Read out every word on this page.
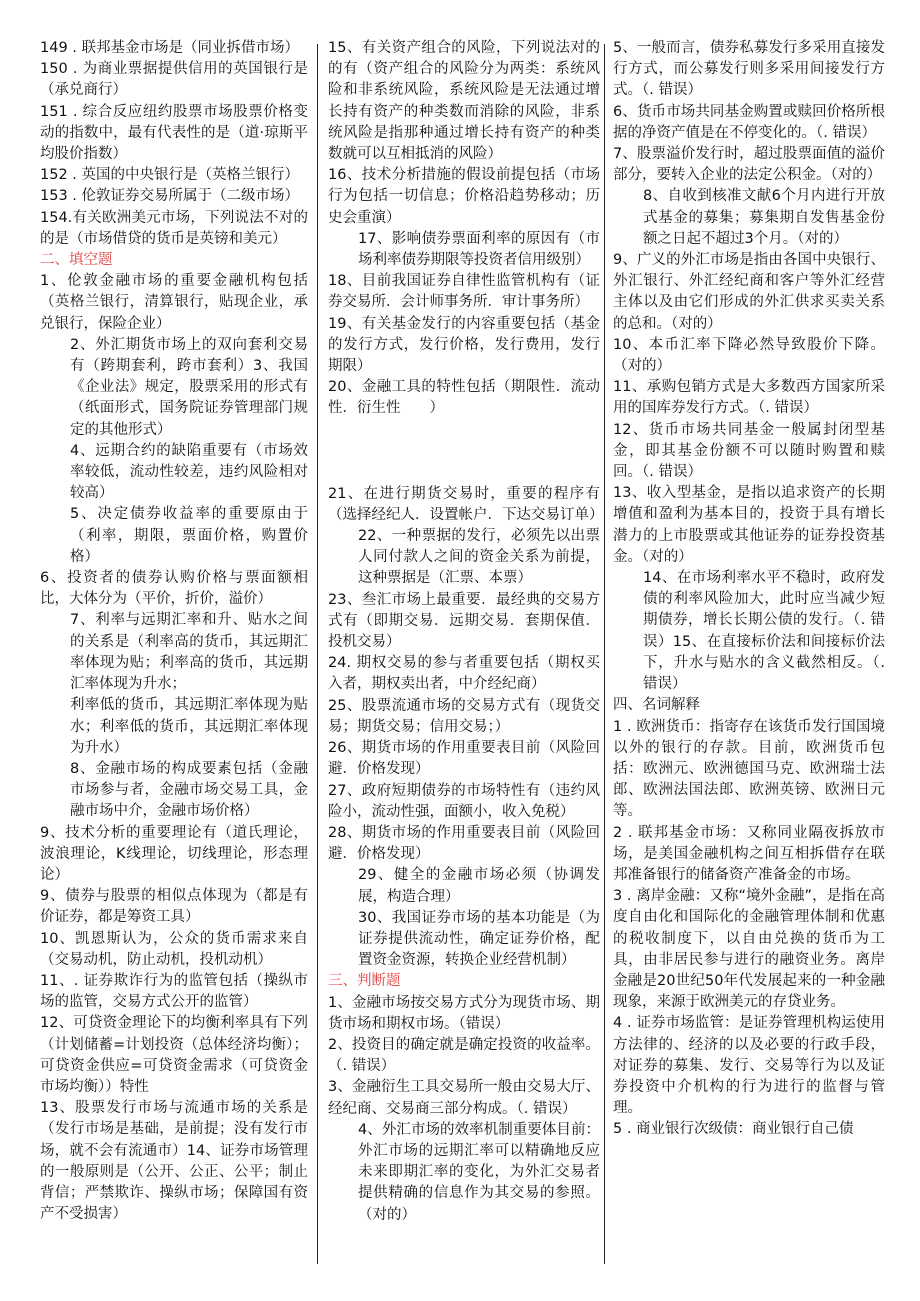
149 . 联邦基金市场是（同业拆借市场）

150 . 为商业票据提供信用的英国银行是（承兑商行）

151 . 综合反应纽约股票市场股票价格变动的指数中，最有代表性的是（道·琼斯平均股价指数）

152 . 英国的中央银行是（英格兰银行）

153 . 伦敦证券交易所属于（二级市场）

154.有关欧洲美元市场，下列说法不对的的是（市场借贷的货币是英镑和美元）

二、填空题

1、伦敦金融市场的重要金融机构包括（英格兰银行，清算银行，贴现企业，承兑银行，保险企业）

2、外汇期货市场上的双向套利交易有（跨期套利，跨市套利）3、我国《企业法》规定，股票采用的形式有（纸面形式，国务院证券管理部门规定的其他形式）

4、远期合约的缺陷重要有（市场效率较低，流动性较差，违约风险相对较高）

5、决定债券收益率的重要原由于（利率，期限，票面价格，购置价格）

6、投资者的债券认购价格与票面额相比，大体分为（平价，折价，溢价）

7、利率与远期汇率和升、贴水之间的关系是（利率高的货币，其远期汇率体现为贴；利率高的货币，其远期汇率体现为升水；

利率低的货币，其远期汇率体现为贴水；利率低的货币，其远期汇率体现为升水）

8、金融市场的构成要素包括（金融市场参与者，金融市场交易工具，金融市场中介，金融市场价格）

9、技术分析的重要理论有（道氏理论，波浪理论，K线理论，切线理论，形态理论）

9、债券与股票的相似点体现为（都是有价证券，都是筹资工具）

10、凯恩斯认为，公众的货币需求来自（交易动机，防止动机，投机动机）

11、. 证券欺诈行为的监管包括（操纵市场的监管，交易方式公开的监管）

12、可贷资金理论下的均衡利率具有下列（计划储蓄=计划投资（总体经济均衡）；可贷资金供应=可贷资金需求（可贷资金市场均衡））特性

13、股票发行市场与流通市场的关系是（发行市场是基础，是前提；没有发行市场，就不会有流通市）14、证券市场管理的一般原则是（公开、公正、公平；制止背信；严禁欺诈、操纵市场；保障国有资产不受损害）

15、有关资产组合的风险，下列说法对的的有（资产组合的风险分为两类：系统风险和非系统风险，系统风险是无法通过增长持有资产的种类数而消除的风险，非系统风险是指那种通过增长持有资产的种类数就可以互相抵消的风险）

16、技术分析措施的假设前提包括（市场行为包括一切信息；价格沿趋势移动；历史会重演）

17、影响债券票面利率的原因有（市场利率债券期限等投资者信用级别）

18、目前我国证券自律性监管机构有（证券交易所．会计师事务所．审计事务所）

19、有关基金发行的内容重要包括（基金的发行方式，发行价格，发行费用，发行期限）

20、金融工具的特性包括（期限性．流动性．衍生性　　）

21、在进行期货交易时，重要的程序有（选择经纪人．设置帐户．下达交易订单）

22、一种票据的发行，必须先以出票人同付款人之间的资金关系为前提，这种票据是（汇票、本票）

23、叁汇市场上最重要．最经典的交易方式有（即期交易．远期交易．套期保值．投机交易）

24. 期权交易的参与者重要包括（期权买入者，期权卖出者，中介经纪商）

25、股票流通市场的交易方式有（现货交易；期货交易；信用交易；）

26、期货市场的作用重要表目前（风险回避．价格发现）

27、政府短期债券的市场特性有（违约风险小，流动性强，面额小，收入免税）

28、期货市场的作用重要表目前（风险回避．价格发现）

29、健全的金融市场必须（协调发展，构造合理）

30、我国证券市场的基本功能是（为证券提供流动性，确定证券价格，配置资金资源，转换企业经营机制）

三、判断题

1、金融市场按交易方式分为现货市场、期货市场和期权市场。（错误）

2、投资目的确定就是确定投资的收益率。（. 错误）

3、金融衍生工具交易所一般由交易大厅、经纪商、交易商三部分构成。（. 错误）

4、外汇市场的效率机制重要体目前：外汇市场的远期汇率可以精确地反应未来即期汇率的变化，为外汇交易者提供精确的信息作为其交易的参照。（对的）

5、一般而言，债券私募发行多采用直接发行方式，而公募发行则多采用间接发行方式。（. 错误）

6、货币市场共同基金购置或赎回价格所根据的净资产值是在不停变化的。（. 错误）

7、股票溢价发行时，超过股票面值的溢价部分，要转入企业的法定公积金。（对的）

8、自收到核准文献6个月内进行开放式基金的募集；募集期自发售基金份额之日起不超过3个月。（对的）

9、广义的外汇市场是指由各国中央银行、外汇银行、外汇经纪商和客户等外汇经营主体以及由它们形成的外汇供求买卖关系的总和。（对的）

10、本币汇率下降必然导致股价下降。（对的）

11、承购包销方式是大多数西方国家所采用的国库券发行方式。（. 错误）

12、货币市场共同基金一般属封闭型基金，即其基金份额不可以随时购置和赎回。（. 错误）

13、收入型基金，是指以追求资产的长期增值和盈利为基本目的，投资于具有增长潜力的上市股票或其他证券的证券投资基金。（对的）

14、在市场利率水平不稳时，政府发债的利率风险加大，此时应当减少短期债券，增长长期公债的发行。（. 错误）15、在直接标价法和间接标价法下，升水与贴水的含义截然相反。（. 错误）

四、名词解释

1 . 欧洲货币：指寄存在该货币发行国国境以外的银行的存款。目前，欧洲货币包括：欧洲元、欧洲德国马克、欧洲瑞士法郎、欧洲法国法郎、欧洲英镑、欧洲日元等。

2 . 联邦基金市场：又称同业隔夜拆放市场，是美国金融机构之间互相拆借存在联邦准备银行的储备资产准备金的市场。

3 . 离岸金融：又称“境外金融”，是指在高度自由化和国际化的金融管理体制和优惠的税收制度下，以自由兑换的货币为工具，由非居民参与进行的融资业务。离岸金融是20世纪50年代发展起来的一种金融现象，来源于欧洲美元的存贷业务。

4 . 证券市场监管：是证券管理机构运使用方法律的、经济的以及必要的行政手段，对证券的募集、发行、交易等行为以及证券投资中介机构的行为进行的监督与管理。

5 . 商业银行次级债：商业银行自己债
